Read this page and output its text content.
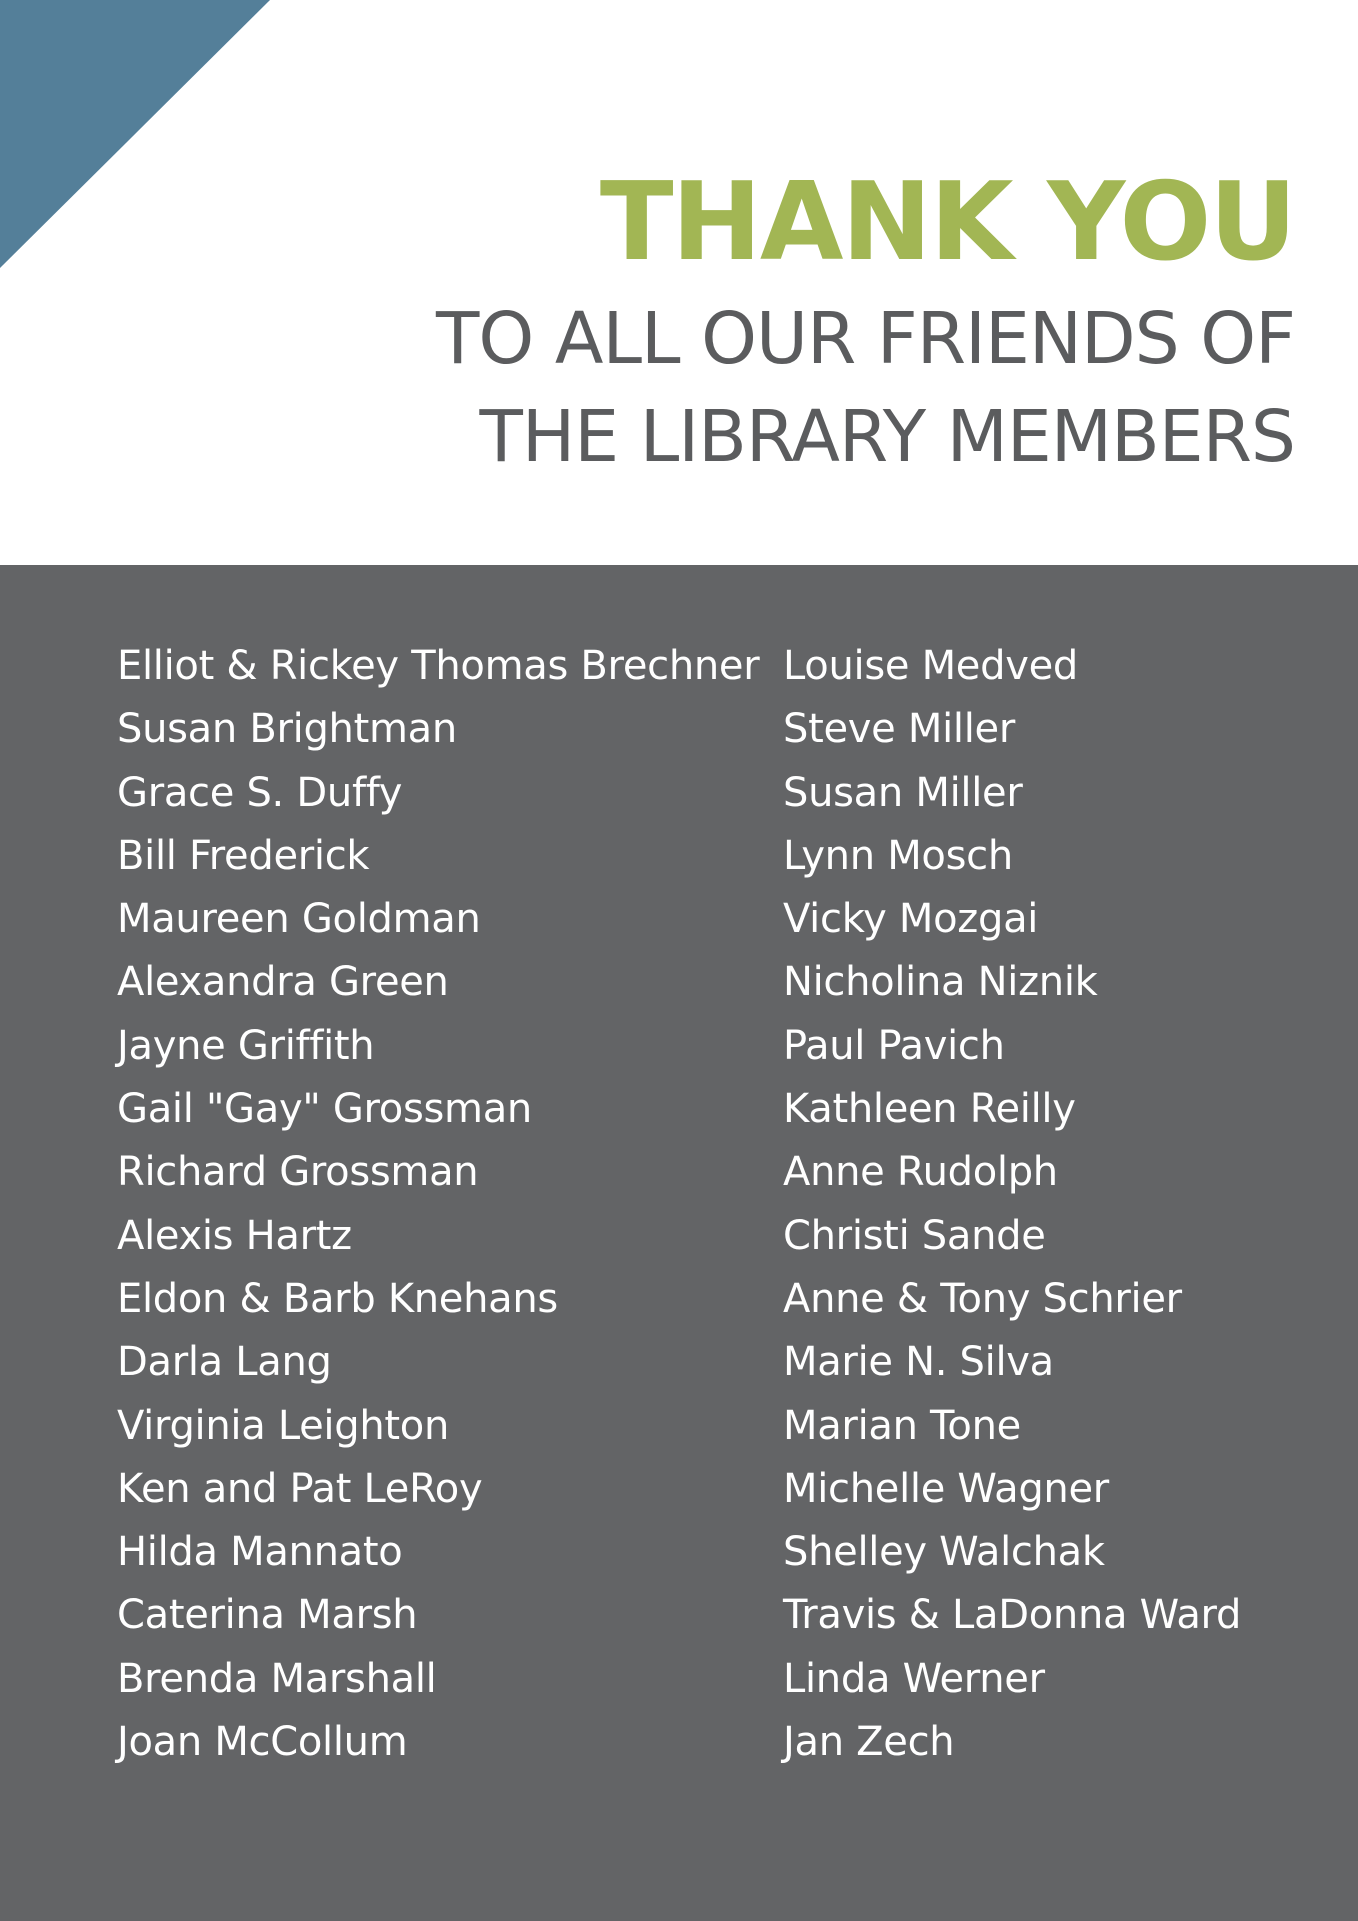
THANK YOU
TO ALL OUR FRIENDS OF
THE LIBRARY MEMBERS
Elliot & Rickey Thomas Brechner
Susan Brightman
Grace S. Duffy
Bill Frederick
Maureen Goldman
Alexandra Green
Jayne Griffith
Gail "Gay" Grossman
Richard Grossman
Alexis Hartz
Eldon & Barb Knehans
Darla Lang
Virginia Leighton
Ken and Pat LeRoy
Hilda Mannato
Caterina Marsh
Brenda Marshall
Joan McCollum
Louise Medved
Steve Miller
Susan Miller
Lynn Mosch
Vicky Mozgai
Nicholina Niznik
Paul Pavich
Kathleen Reilly
Anne Rudolph
Christi Sande
Anne & Tony Schrier
Marie N. Silva
Marian Tone
Michelle Wagner
Shelley Walchak
Travis & LaDonna Ward
Linda Werner
Jan Zech
